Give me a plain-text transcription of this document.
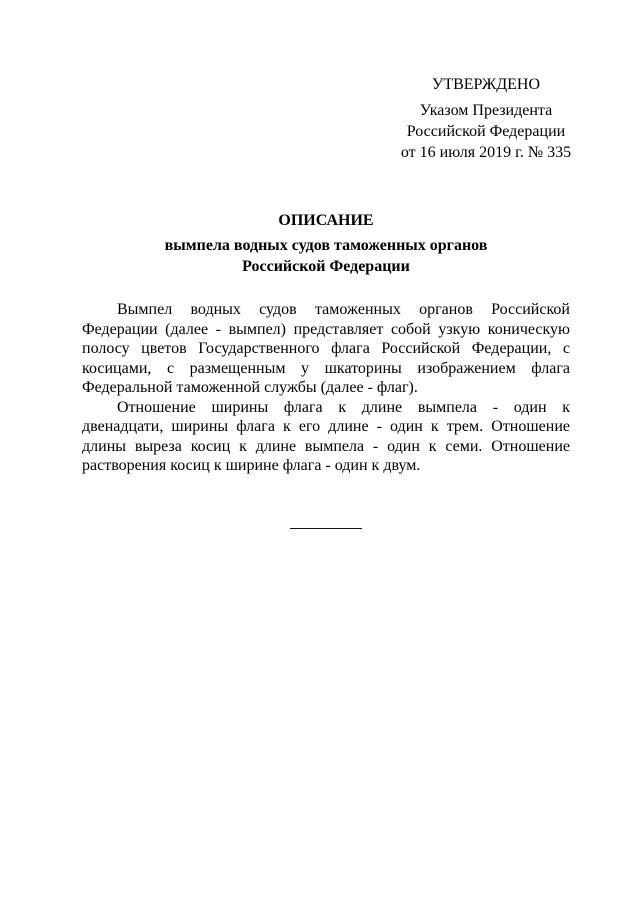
УТВЕРЖДЕНО
Указом Президента
Российской Федерации
от 16 июля 2019 г. № 335
ОПИСАНИЕ
вымпела водных судов таможенных органов
Российской Федерации
Вымпел водных судов таможенных органов Российской
Федерации (далее - вымпел) представляет собой узкую коническую
полосу цветов Государственного флага Российской Федерации, с
косицами, с размещенным у шкаторины изображением флага
Федеральной таможенной службы (далее - флаг).
Отношение ширины флага к длине вымпела - один к
двенадцати, ширины флага к его длине - один к трем. Отношение
длины выреза косиц к длине вымпела - один к семи. Отношение
растворения косиц к ширине флага - один к двум.
